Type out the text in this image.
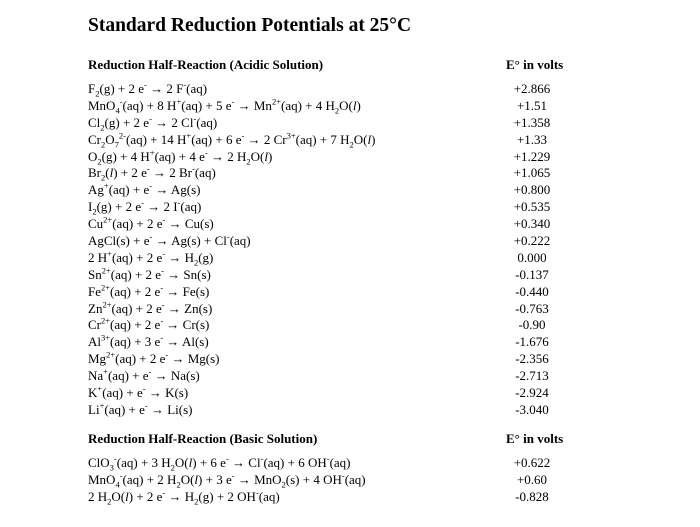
Standard Reduction Potentials at 25°C
Reduction Half-Reaction (Acidic Solution)	E° in volts
$F_2(g) + 2$ e- → 2 F-(aq)	+2.866
MnO$_4$-(aq) + 8 H+(aq) + 5 $e^- \to Mn^{2+}(aq) + 4$ $H_2O(l)$	+1.51
$Cl_2(g) + 2$ e- → 2 Cl-(aq)	+1.358
$Cr_2O_7^{2-}(aq) + 14$ H+(aq) + 6 e- → 2 $Cr^{3+}(aq) + 7$ $H_2O(l)$	+1.33
$O_2(g) + 4$ H+(aq) + 4 e- → 2 $H_2O(l)$	+1.229
$Br_2(l) + 2$ e- → 2 Br-(aq)	+1.065
Ag+(aq) + e- → Ag(s)	+0.800
$I_2(g) + 2$ e- → 2 I-(aq)	+0.535
$Cu^{2+}(aq) + 2$ e- → Cu(s)	+0.340
AgCl(s) + e- → Ag(s) + Cl-(aq)	+0.222
2 H+(aq) + 2 $e^- \to H_2(g)$	0.000
$Sn^{2+}(aq) + 2$ e- → Sn(s)	-0.137
$Fe^{2+}(aq) + 2$ e- → Fe(s)	-0.440
$Zn^{2+}(aq) + 2$ e- → Zn(s)	-0.763
$Cr^{2+}(aq) + 2$ e- → Cr(s)	-0.90
$Al^{3+}(aq) + 3$ e- → Al(s)	-1.676
$Mg^{2+}(aq) + 2$ e- → Mg(s)	-2.356
Na+(aq) + e- → Na(s)	-2.713
K+(aq) + e- → K(s)	-2.924
Li+(aq) + e- → Li(s)	-3.040
Reduction Half-Reaction (Basic Solution)	E° in volts
ClO$_3$-(aq) + 3 $H_2O(l) + 6$ e- → Cl-(aq) + 6 OH-(aq)	+0.622
MnO$_4$-(aq) + 2 $H_2O(l) + 3$ e- → MnO$_2$(s) + 4 OH-(aq)	+0.60
2 $H_2O(l) + 2$ $e^- \to H_2(g) + 2$ OH-(aq)	-0.828
